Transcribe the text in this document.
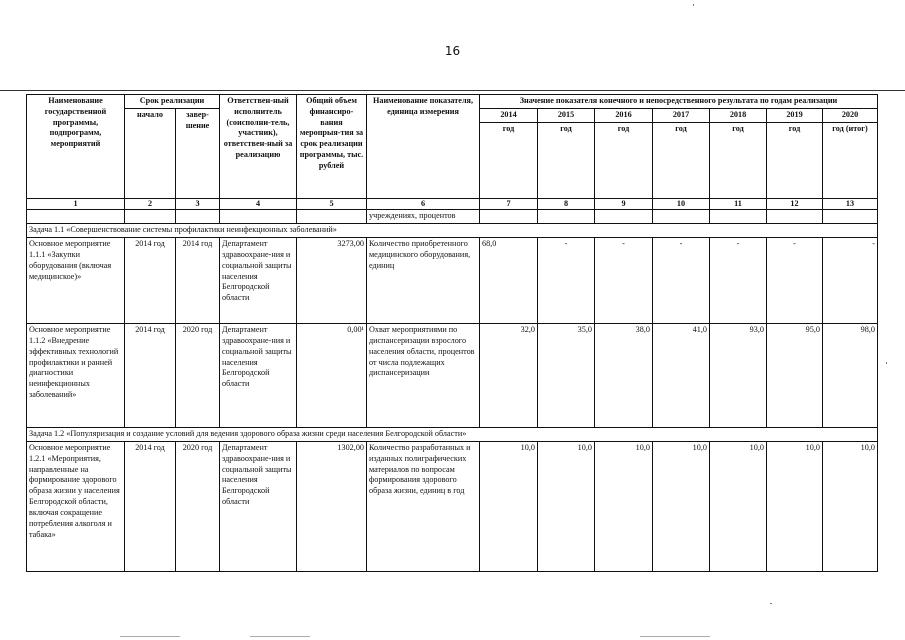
16
Наименование государственной программы, подпрограмм, мероприятий	Срок реализации		Ответствен-ный исполнитель (соисполни-тель, участник), ответствен-ный за реализацию	Общий объем финансиро-вания меропрыя-тия за срок реализации программы, тыс. рублей	Наименование показателя, единица измерения	Значение показателя конечного и непосредственного результата по годам реализации						
	начало	завер-шение				2014	2015	2016	2017	2018	2019	2020
						год	год	год	год	год	год	год (итог)
1	2	3	4	5	6	7	8	9	10	11	12	13
					учреждениях, процентов							
Задача 1.1 «Совершенствование системы профилактики неинфекционных заболеваний»												
Основное мероприятие 1.1.1 «Закупки оборудования (включая медицинское)»	2014 год	2014 год	Департамент здравоохране-ния и социальной защиты населения Белгородской области	3273,00	Количество приобретенного медицинского оборудования, единиц	68,0	-	-	-	-	-	-
Основное мероприятие 1.1.2 «Внедрение эффективных технологий профилактики и ранней диагностики неинфекционных заболеваний»	2014 год	2020 год	Департамент здравоохране-ния и социальной защиты населения Белгородской области	0,00¹	Охват мероприятиями по диспансеризации взрослого населения области, процентов от числа подлежащих диспансеризации	32,0	35,0	38,0	41,0	93,0	95,0	98,0
Задача 1.2 «Популяризация и создание условий для ведения здорового образа жизни среди населения Белгородской области»												
Основное мероприятие 1.2.1 «Мероприятия, направленные на формирование здорового образа жизни у населения Белгородской области, включая сокращение потребления алкоголя и табака»	2014 год	2020 год	Департамент здравоохране-ния и социальной защиты населения Белгородской области	1302,00	Количество разработанных и изданных полиграфических материалов по вопросам формирования здорового образа жизни, единиц в год	10,0	10,0	10,0	10,0	10,0	10,0	10,0
